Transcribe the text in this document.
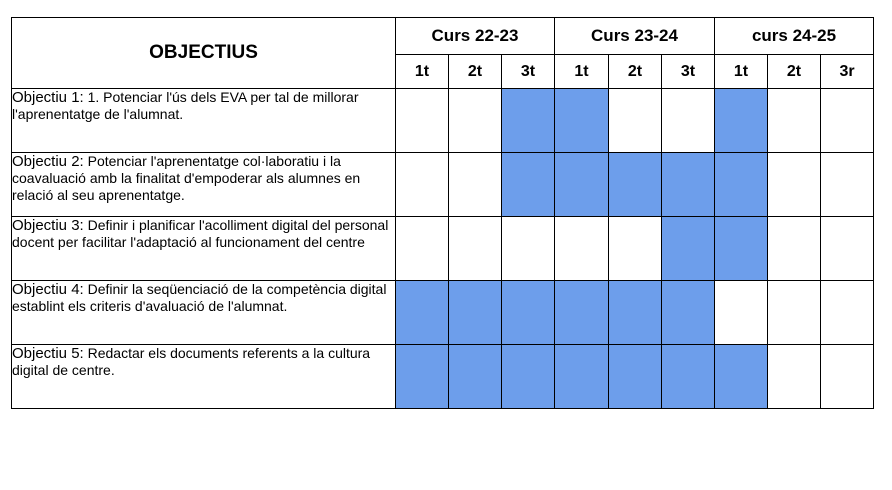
OBJECTIUS	Curs 22-23			Curs 23-24			curs 24-25		
	1t	2t	3t	1t	2t	3t	1t	2t	3r
Objectiu 1: 1. Potenciar l'ús dels EVA per tal de millorar l'aprenentatge de l'alumnat.									
Objectiu 2: Potenciar l'aprenentatge col·laboratiu i la coavaluació amb la finalitat d'empoderar als alumnes en relació al seu aprenentatge.									
Objectiu 3: Definir i planificar l'acolliment digital del personal docent per facilitar l'adaptació al funcionament del centre									
Objectiu 4: Definir la seqüenciació de la competència digital establint els criteris d'avaluació de l'alumnat.									
Objectiu 5: Redactar els documents referents a la cultura digital de centre.									
